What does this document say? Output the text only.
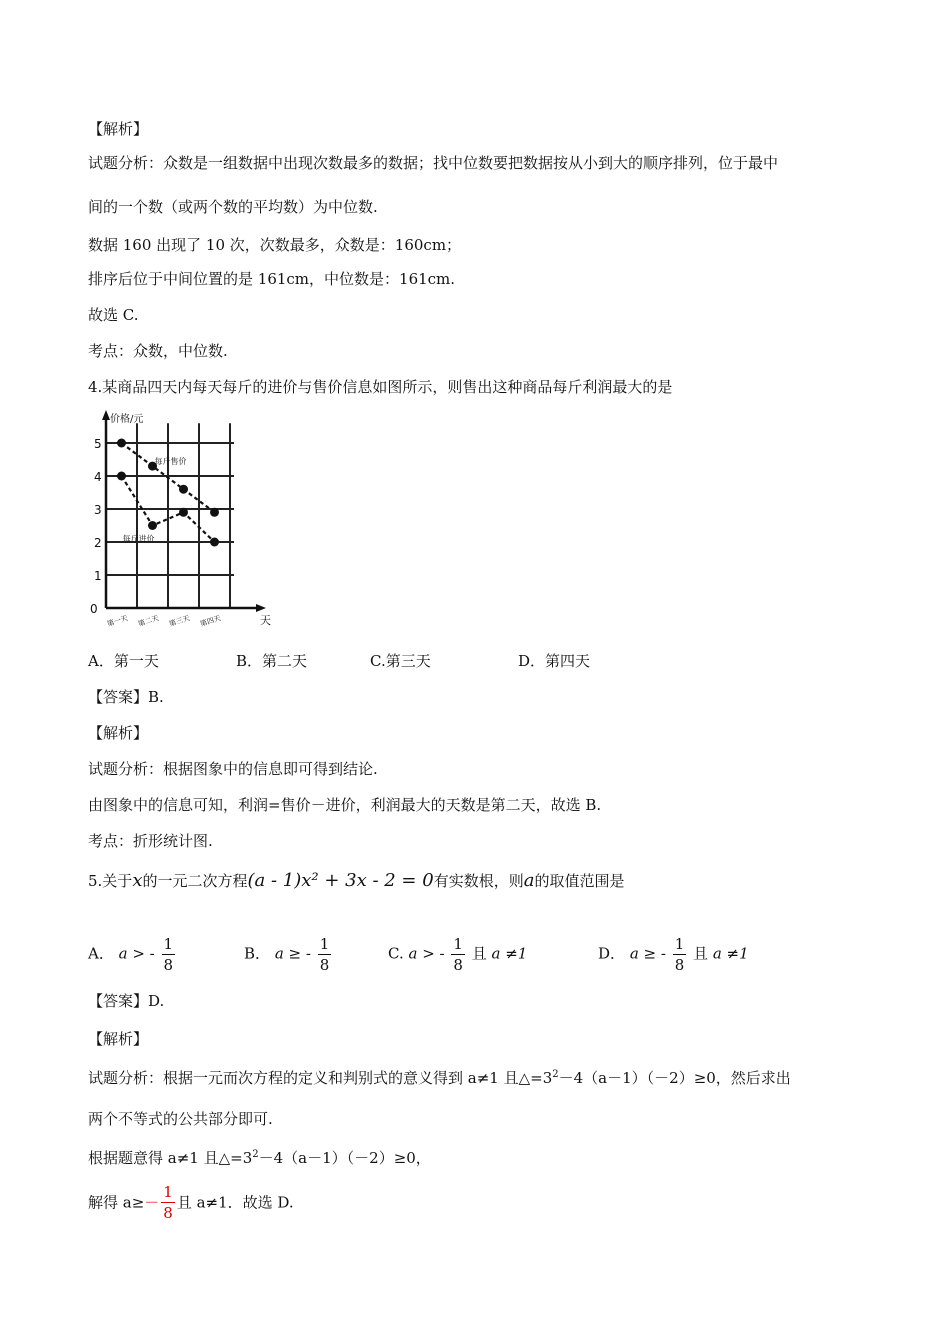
【解析】
试题分析：众数是一组数据中出现次数最多的数据；找中位数要把数据按从小到大的顺序排列，位于最中
间的一个数（或两个数的平均数）为中位数.
数据 160 出现了 10 次，次数最多，众数是：160cm；
排序后位于中间位置的是 161cm，中位数是：161cm.
故选 C.
考点：众数，中位数.
4.某商品四天内每天每斤的进价与售价信息如图所示，则售出这种商品每斤利润最大的是
5
4
3
2
1
0
价格/元
天
第一天 第二天 第三天 第四天
每斤售价
每斤进价
A．第一天	B．第二天	C.第三天	D．第四天
【答案】B.
【解析】
试题分析：根据图象中的信息即可得到结论.
由图象中的信息可知，利润=售价－进价，利润最大的天数是第二天，故选 B.
考点：折形统计图.
5.关于x的一元二次方程(a - 1)x² + 3x - 2 = 0有实数根，则a的取值范围是
A． a > - $\frac{1}{8}$	B． a ≥ - $\frac{1}{8}$	C. a > - $\frac{1}{8}$ 且 a ≠1	D． a ≥ - $\frac{1}{8}$ 且 a ≠1
【答案】D.
【解析】
试题分析：根据一元而次方程的定义和判别式的意义得到 a≠1 且$\triangle=3^2-4(a-1)(-2)\ge 0$，然后求出
两个不等式的公共部分即可.
根据题意得 a≠1 且$\triangle=3^2-4(a-1)(-2)\ge 0$，
解得 $a\ge- \frac{1}{8}$ 且 a≠1．故选 D.
